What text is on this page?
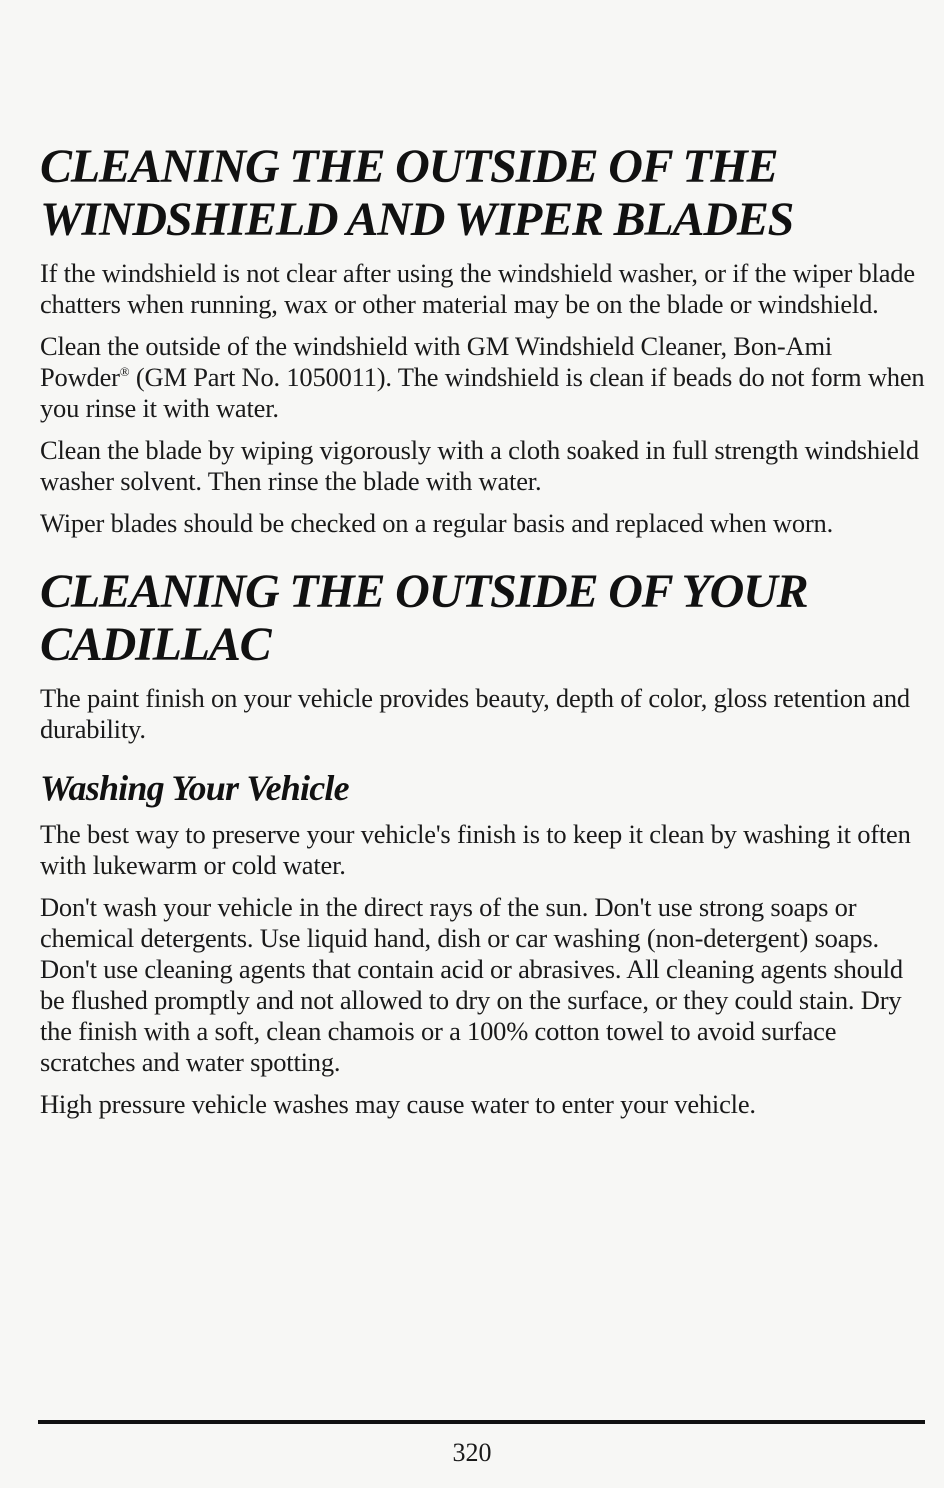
CLEANING THE OUTSIDE OF THE WINDSHIELD AND WIPER BLADES

If the windshield is not clear after using the windshield washer, or if the wiper blade chatters when running, wax or other material may be on the blade or windshield.

Clean the outside of the windshield with GM Windshield Cleaner, Bon-Ami Powder® (GM Part No. 1050011). The windshield is clean if beads do not form when you rinse it with water.

Clean the blade by wiping vigorously with a cloth soaked in full strength windshield washer solvent. Then rinse the blade with water.

Wiper blades should be checked on a regular basis and replaced when worn.

CLEANING THE OUTSIDE OF YOUR CADILLAC

The paint finish on your vehicle provides beauty, depth of color, gloss retention and durability.

Washing Your Vehicle

The best way to preserve your vehicle's finish is to keep it clean by washing it often with lukewarm or cold water.

Don't wash your vehicle in the direct rays of the sun. Don't use strong soaps or chemical detergents. Use liquid hand, dish or car washing (non-detergent) soaps. Don't use cleaning agents that contain acid or abrasives. All cleaning agents should be flushed promptly and not allowed to dry on the surface, or they could stain. Dry the finish with a soft, clean chamois or a 100% cotton towel to avoid surface scratches and water spotting.

High pressure vehicle washes may cause water to enter your vehicle.

320
